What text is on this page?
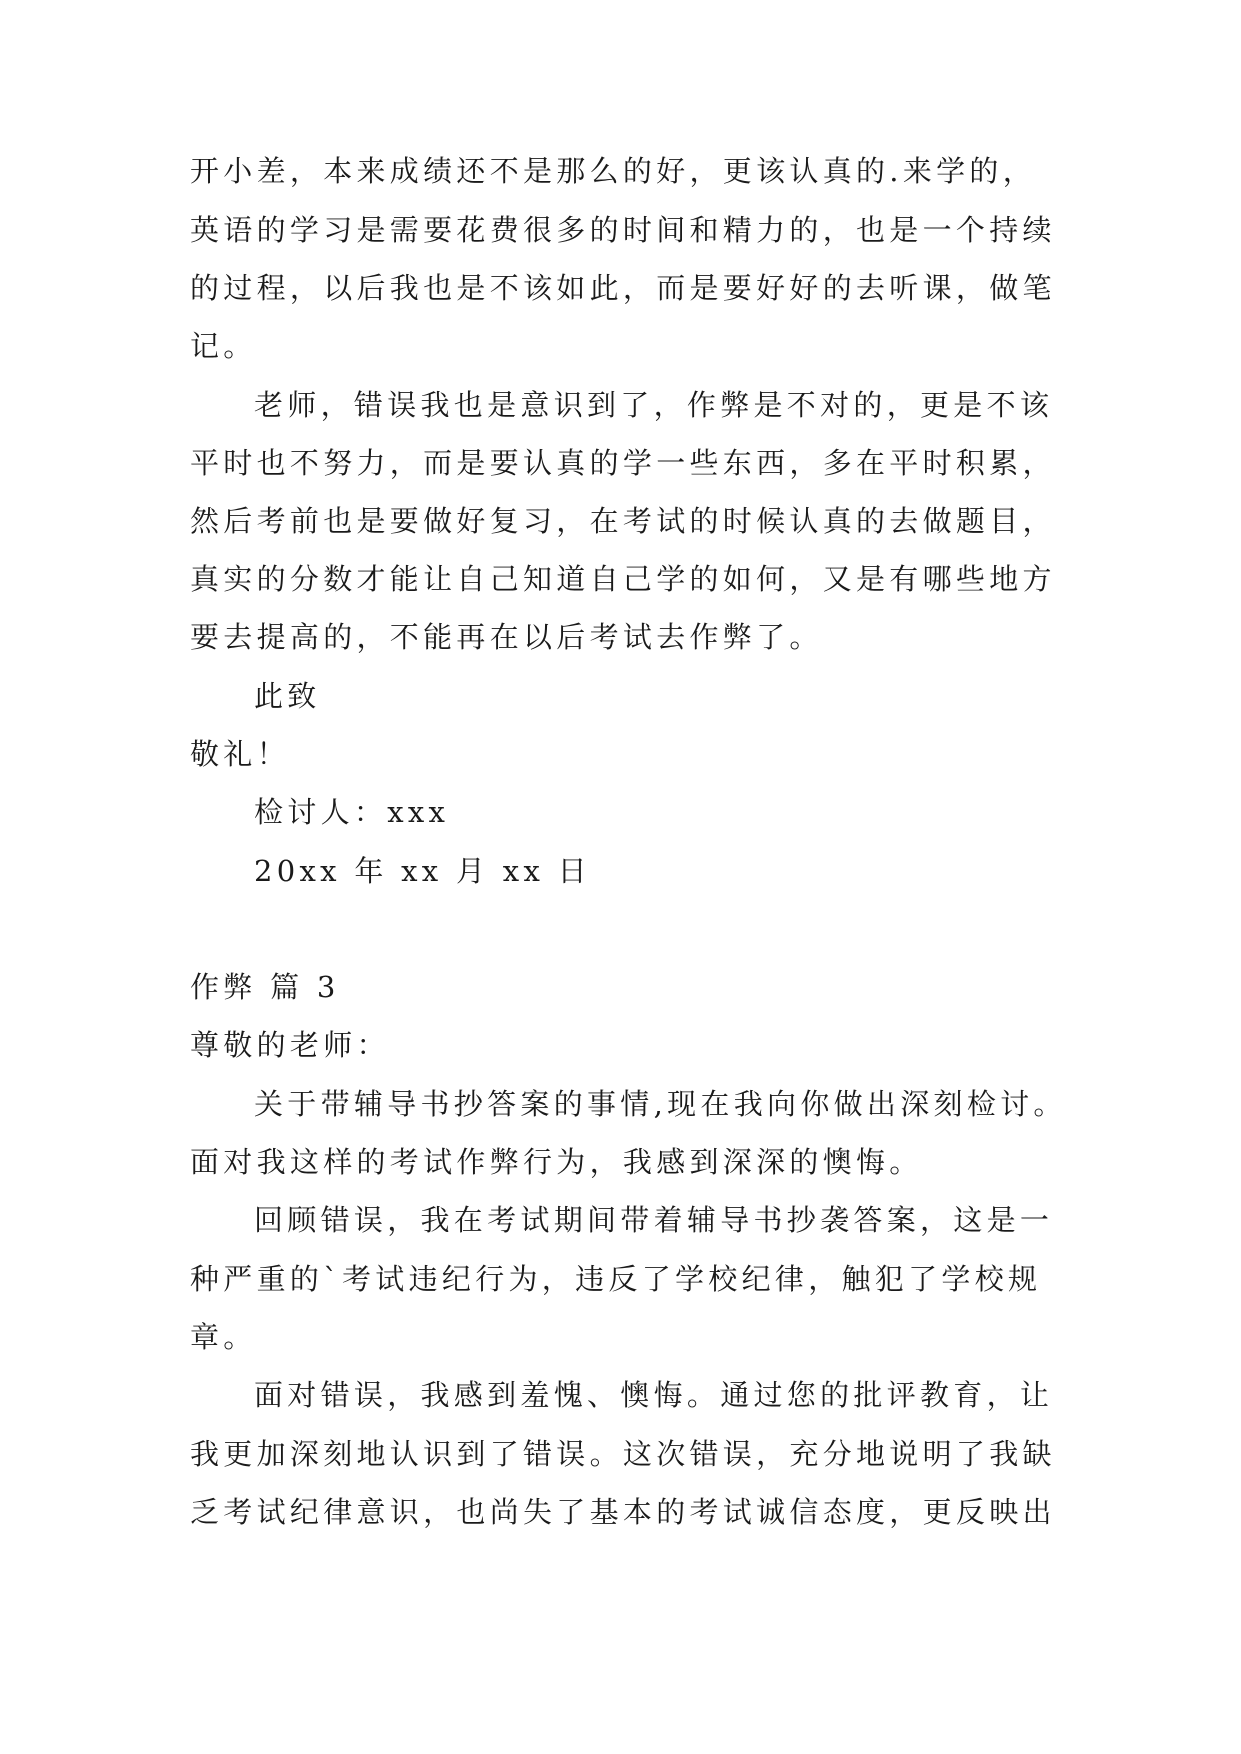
开小差，本来成绩还不是那么的好，更该认真的.来学的，
英语的学习是需要花费很多的时间和精力的，也是一个持续
的过程，以后我也是不该如此，而是要好好的去听课，做笔
记。
老师，错误我也是意识到了，作弊是不对的，更是不该
平时也不努力，而是要认真的学一些东西，多在平时积累，
然后考前也是要做好复习，在考试的时候认真的去做题目，
真实的分数才能让自己知道自己学的如何，又是有哪些地方
要去提高的，不能再在以后考试去作弊了。
此致
敬礼！
检讨人：xxx
20xx 年 xx 月 xx 日
作弊 篇 3
尊敬的老师：
关于带辅导书抄答案的事情,现在我向你做出深刻检讨。
面对我这样的考试作弊行为，我感到深深的懊悔。
回顾错误，我在考试期间带着辅导书抄袭答案，这是一
种严重的`考试违纪行为，违反了学校纪律，触犯了学校规
章。
面对错误，我感到羞愧、懊悔。通过您的批评教育，让
我更加深刻地认识到了错误。这次错误，充分地说明了我缺
乏考试纪律意识，也尚失了基本的考试诚信态度，更反映出
